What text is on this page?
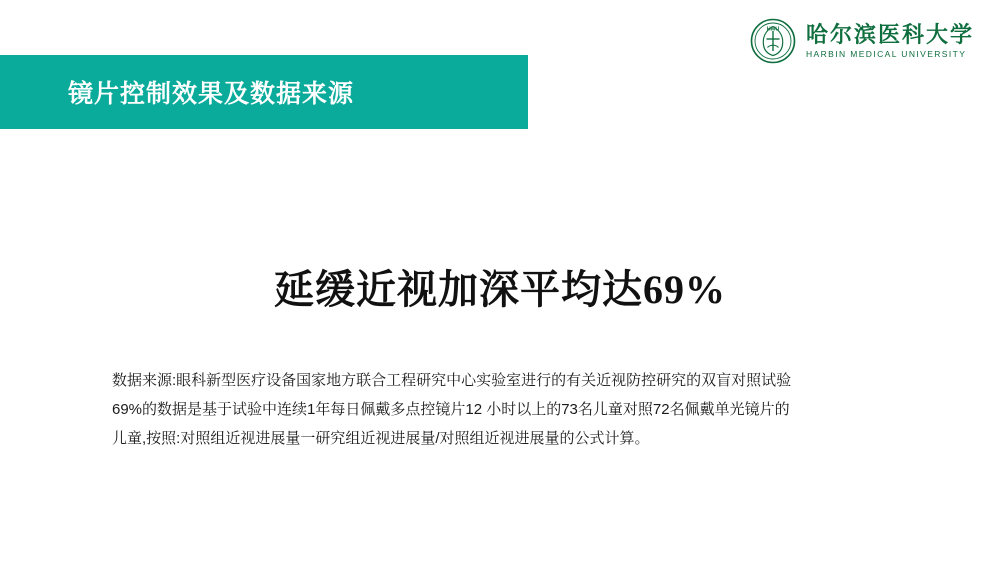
HMU 哈尔滨医科大学
HARBIN MEDICAL UNIVERSITY
镜片控制效果及数据来源
延缓近视加深平均达69%
数据来源:眼科新型医疗设备国家地方联合工程研究中心实验室进行的有关近视防控研究的双盲对照试验
69%的数据是基于试验中连续1年每日佩戴多点控镜片12 小时以上的73名儿童对照72名佩戴单光镜片的
儿童,按照:对照组近视进展量一研究组近视进展量/对照组近视进展量的公式计算。
